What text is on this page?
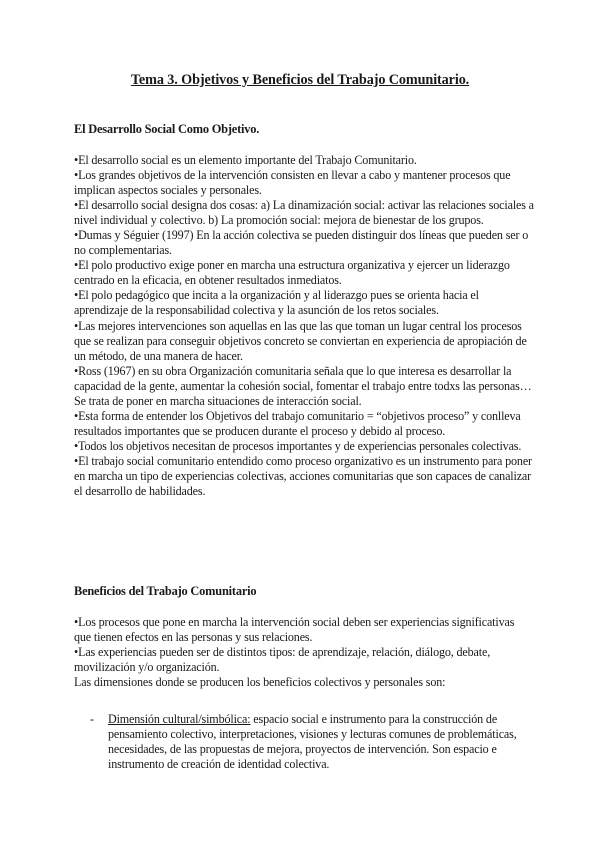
Tema 3. Objetivos y Beneficios del Trabajo Comunitario.
El Desarrollo Social Como Objetivo.

•El desarrollo social es un elemento importante del Trabajo Comunitario.

•Los grandes objetivos de la intervención consisten en llevar a cabo y mantener procesos que implican aspectos sociales y personales.

•El desarrollo social designa dos cosas: a) La dinamización social: activar las relaciones sociales a nivel individual y colectivo. b) La promoción social: mejora de bienestar de los grupos.

•Dumas y Séguier (1997) En la acción colectiva se pueden distinguir dos líneas que pueden ser o no complementarias.

•El polo productivo exige poner en marcha una estructura organizativa y ejercer un liderazgo centrado en la eficacia, en obtener resultados inmediatos.

•El polo pedagógico que incita a la organización y al liderazgo pues se orienta hacia el aprendizaje de la responsabilidad colectiva y la asunción de los retos sociales.

•Las mejores intervenciones son aquellas en las que las que toman un lugar central los procesos que se realizan para conseguir objetivos concreto se conviertan en experiencia de apropiación de un método, de una manera de hacer.

•Ross (1967) en su obra Organización comunitaria señala que lo que interesa es desarrollar la capacidad de la gente, aumentar la cohesión social, fomentar el trabajo entre todxs las personas… Se trata de poner en marcha situaciones de interacción social.

•Esta forma de entender los Objetivos del trabajo comunitario = “objetivos proceso” y conlleva resultados importantes que se producen durante el proceso y debido al proceso.

•Todos los objetivos necesitan de procesos importantes y de experiencias personales colectivas.

•El trabajo social comunitario entendido como proceso organizativo es un instrumento para poner en marcha un tipo de experiencias colectivas, acciones comunitarias que son capaces de canalizar el desarrollo de habilidades.

Beneficios del Trabajo Comunitario

•Los procesos que pone en marcha la intervención social deben ser experiencias significativas que tienen efectos en las personas y sus relaciones.

•Las experiencias pueden ser de distintos tipos: de aprendizaje, relación, diálogo, debate, movilización y/o organización.

Las dimensiones donde se producen los beneficios colectivos y personales son:

- Dimensión cultural/simbólica: espacio social e instrumento para la construcción de pensamiento colectivo, interpretaciones, visiones y lecturas comunes de problemáticas, necesidades, de las propuestas de mejora, proyectos de intervención. Son espacio e instrumento de creación de identidad colectiva.
